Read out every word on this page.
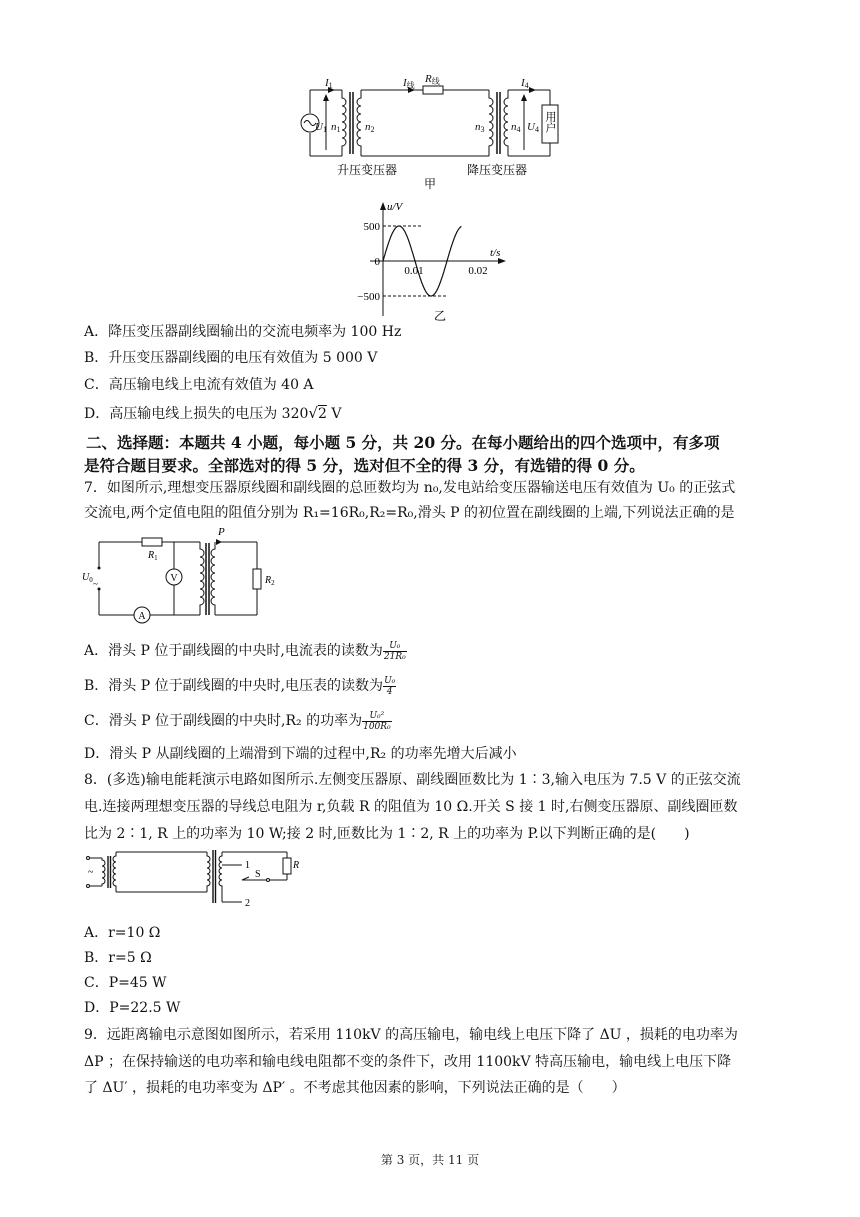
I1	I线
R线	I4
U1 n1 n2	n3 n4 U4 用户
升压变压器	降压变压器
甲
u/V
t/s
500
0
−500
0.01	0.02
乙
A．降压变压器副线圈输出的交流电频率为 100 Hz
B．升压变压器副线圈的电压有效值为 5 000 V
C．高压输电线上电流有效值为 40 A
D．高压输电线上损失的电压为 320√2 V
二、选择题：本题共 4 小题，每小题 5 分，共 20 分。在每小题给出的四个选项中，有多项
是符合题目要求。全部选对的得 5 分，选对但不全的得 3 分，有选错的得 0 分。
7．如图所示,理想变压器原线圈和副线圈的总匝数均为 n₀,发电站给变压器输送电压有效值为 U₀ 的正弦式
交流电,两个定值电阻的阻值分别为 R₁=16R₀,R₂=R₀,滑头 P 的初位置在副线圈的上端,下列说法正确的是
P
$R_1$
$R_2$
$U_0$ ~	V
A
A．滑头 P 位于副线圈的中央时,电流表的读数为 $\frac{\text{U₀}}{\text{21R₀}}$
B．滑头 P 位于副线圈的中央时,电压表的读数为 $\frac{\text{U₀}}{4}$
C．滑头 P 位于副线圈的中央时,R₂ 的功率为 $\frac{\text{U₀²}}{\text{100R₀}}$
D．滑头 P 从副线圈的上端滑到下端的过程中,R₂ 的功率先增大后减小
8．(多选)输电能耗演示电路如图所示.左侧变压器原、副线圈匝数比为 1∶3,输入电压为 7.5 V 的正弦交流
电.连接两理想变压器的导线总电阻为 r,负载 R 的阻值为 10 Ω.开关 S 接 1 时,右侧变压器原、副线圈匝数
比为 2∶1, R 上的功率为 10 W;接 2 时,匝数比为 1∶2, R 上的功率为 P.以下判断正确的是(　　)
~
1
2
S
R
A．r=10 Ω
B．r=5 Ω
C．P=45 W
D．P=22.5 W
9．远距离输电示意图如图所示，若采用 110kV 的高压输电，输电线上电压下降了 ΔU ，损耗的电功率为
ΔP ；在保持输送的电功率和输电线电阻都不变的条件下，改用 1100kV 特高压输电，输电线上电压下降
了 ΔU′ ，损耗的电功率变为 ΔP′ 。不考虑其他因素的影响，下列说法正确的是（　　）
第 3 页，共 11 页
